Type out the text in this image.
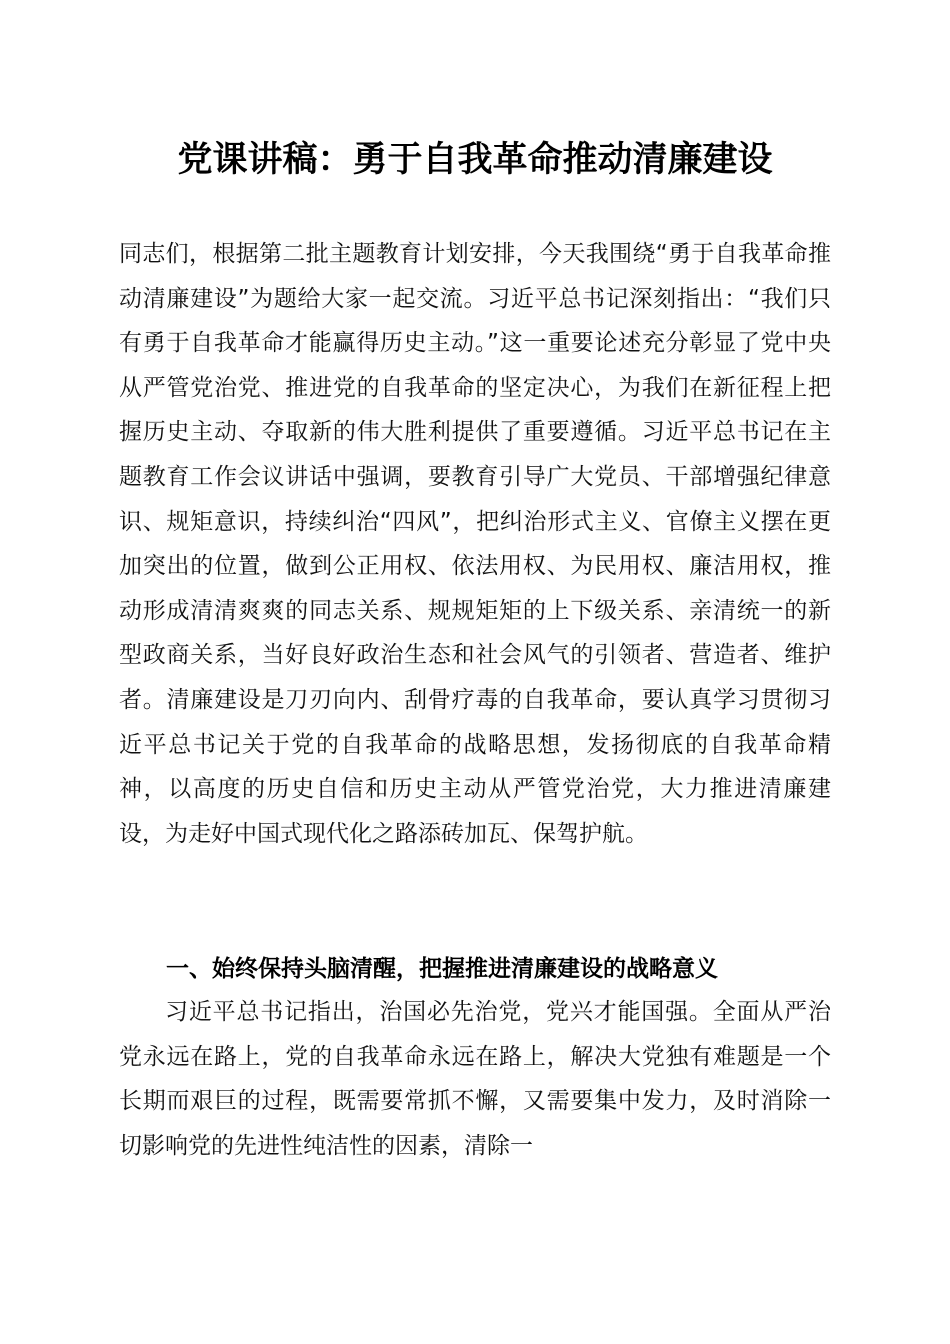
党课讲稿：勇于自我革命推动清廉建设

同志们，根据第二批主题教育计划安排，今天我围绕“勇于自我革命推动清廉建设”为题给大家一起交流。习近平总书记深刻指出：“我们只有勇于自我革命才能赢得历史主动。”这一重要论述充分彰显了党中央从严管党治党、推进党的自我革命的坚定决心，为我们在新征程上把握历史主动、夺取新的伟大胜利提供了重要遵循。习近平总书记在主题教育工作会议讲话中强调，要教育引导广大党员、干部增强纪律意识、规矩意识，持续纠治“四风”，把纠治形式主义、官僚主义摆在更加突出的位置，做到公正用权、依法用权、为民用权、廉洁用权，推动形成清清爽爽的同志关系、规规矩矩的上下级关系、亲清统一的新型政商关系，当好良好政治生态和社会风气的引领者、营造者、维护者。清廉建设是刀刃向内、刮骨疗毒的自我革命，要认真学习贯彻习近平总书记关于党的自我革命的战略思想，发扬彻底的自我革命精神，以高度的历史自信和历史主动从严管党治党，大力推进清廉建设，为走好中国式现代化之路添砖加瓦、保驾护航。

一、始终保持头脑清醒，把握推进清廉建设的战略意义

习近平总书记指出，治国必先治党，党兴才能国强。全面从严治党永远在路上，党的自我革命永远在路上，解决大党独有难题是一个长期而艰巨的过程，既需要常抓不懈，又需要集中发力，及时消除一切影响党的先进性纯洁性的因素，清除一
